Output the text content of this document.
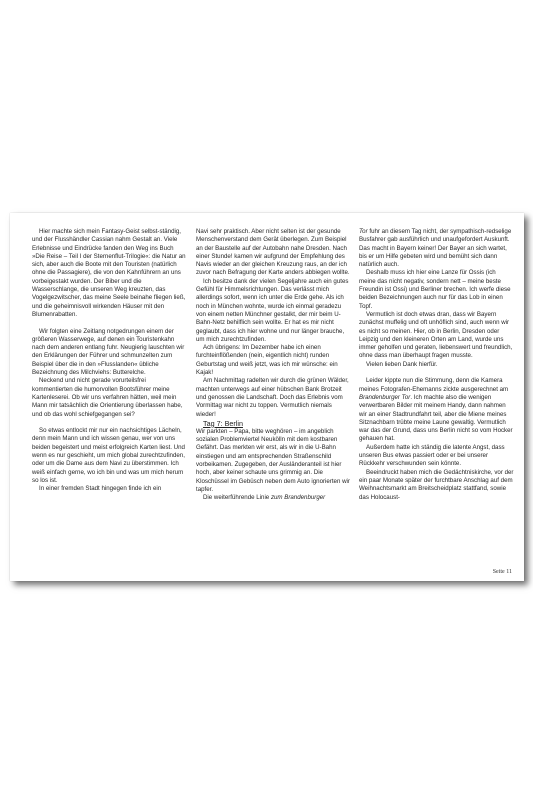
Hier machte sich mein Fantasy-Geist selbst-ständig, und der Flusshändler Cassian nahm Gestalt an. Viele Erlebnisse und Eindrücke fanden den Weg ins Buch »Die Reise – Teil I der Sternenflut-Trilogie«: die Natur an sich, aber auch die Boote mit den Touristen (natürlich ohne die Passagiere), die von den Kahnführern an uns vorbeigestakt wurden. Der Biber und die Wasserschlange, die unseren Weg kreuzten, das Vogelgezwitscher, das meine Seele beinahe fliegen ließ, und die geheimnisvoll wirkenden Häuser mit den Blumenrabatten.

Wir folgten eine Zeitlang notgedrungen einem der größeren Wasserwege, auf denen ein Touristenkahn nach dem anderen entlang fuhr. Neugierig lauschten wir den Erklärungen der Führer und schmunzelten zum Beispiel über die in den »Flusslanden« übliche Bezeichnung des Milchviehs: Butterelche.

Neckend und nicht gerade vorurteilsfrei kommentierten die humorvollen Bootsführer meine Kartenleserei. Ob wir uns verfahren hätten, weil mein Mann mir tatsächlich die Orientierung überlassen habe, und ob das wohl schiefgegangen sei?

So etwas entlockt mir nur ein nachsichtiges Lächeln, denn mein Mann und ich wissen genau, wer von uns beiden begeistert und meist erfolgreich Karten liest. Und wenn es nur geschieht, um mich global zurechtzufinden, oder um die Dame aus dem Navi zu überstimmen. Ich weiß einfach gerne, wo ich bin und was um mich herum so los ist.

In einer fremden Stadt hingegen finde ich ein

Navi sehr praktisch. Aber nicht selten ist der gesunde Menschenverstand dem Gerät überlegen. Zum Beispiel an der Baustelle auf der Autobahn nahe Dresden. Nach einer Stunde! kamen wir aufgrund der Empfehlung des Navis wieder an der gleichen Kreuzung raus, an der ich zuvor nach Befragung der Karte anders abbiegen wollte.

Ich besitze dank der vielen Segeljahre auch ein gutes Gefühl für Himmelsrichtungen. Das verlässt mich allerdings sofort, wenn ich unter die Erde gehe. Als ich noch in München wohnte, wurde ich einmal geradezu von einem netten Münchner gestalkt, der mir beim U-Bahn-Netz behilflich sein wollte. Er hat es mir nicht geglaubt, dass ich hier wohne und nur länger brauche, um mich zurechtzufinden.

Ach übrigens: Im Dezember habe ich einen furchteinflößenden (nein, eigentlich nicht) runden Geburtstag und weiß jetzt, was ich mir wünsche: ein Kajak!

Am Nachmittag radelten wir durch die grünen Wälder, machten unterwegs auf einer hübschen Bank Brotzeit und genossen die Landschaft. Doch das Erlebnis vom Vormittag war nicht zu toppen. Vermutlich niemals wieder!

Tag 7: Berlin

Wir parkten – Papa, bitte weghören – im angeblich sozialen Problemviertel Neukölln mit dem kostbaren Gefährt. Das merkten wir erst, als wir in die U-Bahn einstiegen und am entsprechenden Straßenschild vorbeikamen. Zugegeben, der Ausländeranteil ist hier hoch, aber keiner schaute uns grimmig an. Die Kloschüssel im Gebüsch neben dem Auto ignorierten wir tapfer.

Die weiterführende Linie zum Brandenburger

Tor fuhr an diesem Tag nicht, der sympathisch-redselige Busfahrer gab ausführlich und unaufgefordert Auskunft. Das macht in Bayern keiner! Der Bayer an sich wartet, bis er um Hilfe gebeten wird und bemüht sich dann natürlich auch.

Deshalb muss ich hier eine Lanze für Ossis (ich meine das nicht negativ, sondern nett – meine beste Freundin ist Ossi) und Berliner brechen. Ich werfe diese beiden Bezeichnungen auch nur für das Lob in einen Topf.

Vermutlich ist doch etwas dran, dass wir Bayern zunächst muffelig und oft unhöflich sind, auch wenn wir es nicht so meinen. Hier, ob in Berlin, Dresden oder Leipzig und den kleineren Orten am Land, wurde uns immer geholfen und geraten, liebenswert und freundlich, ohne dass man überhaupt fragen musste.

Vielen lieben Dank hierfür.

Leider kippte nun die Stimmung, denn die Kamera meines Fotografen-Ehemanns zickte ausgerechnet am Brandenburger Tor. Ich machte also die wenigen verwertbaren Bilder mit meinem Handy, dann nahmen wir an einer Stadtrundfahrt teil, aber die Miene meines Sitznachbarn trübte meine Laune gewaltig. Vermutlich war das der Grund, dass uns Berlin nicht so vom Hocker gehauen hat.

Außerdem hatte ich ständig die latente Angst, dass unseren Bus etwas passiert oder er bei unserer Rückkehr verschwunden sein könnte.

Beeindruckt haben mich die Gedächtniskirche, vor der ein paar Monate später der furchtbare Anschlag auf dem Weihnachtsmarkt am Breitscheidplatz stattfand, sowie das Holocaust-

Seite 11
